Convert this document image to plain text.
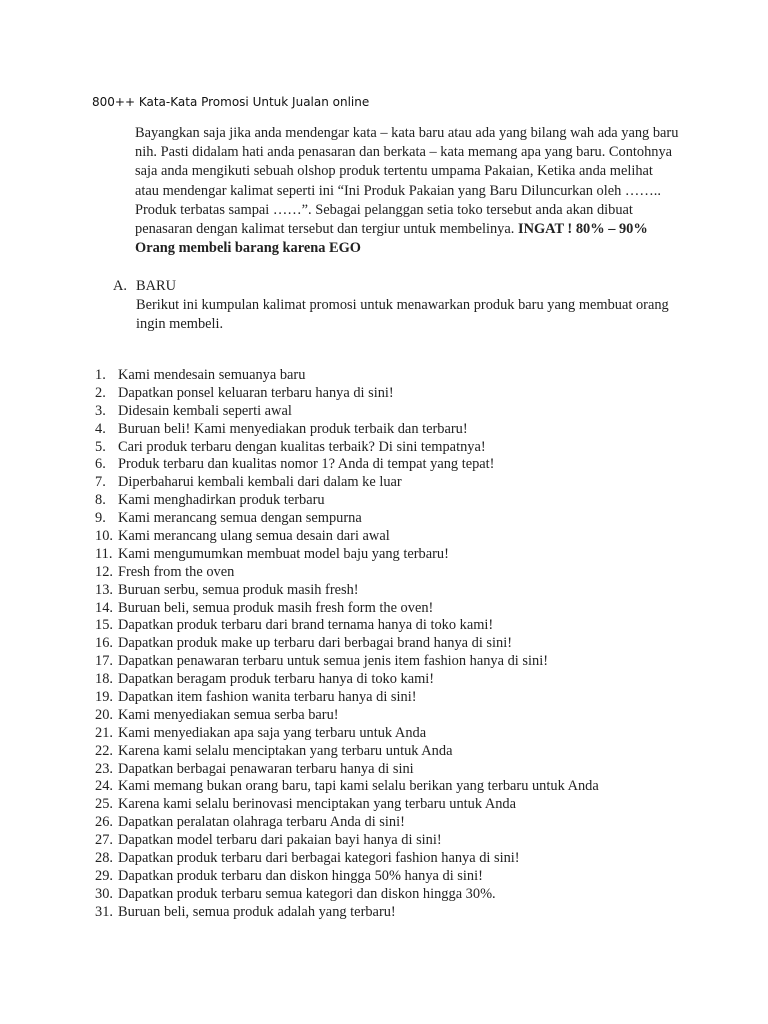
800++ Kata-Kata Promosi Untuk Jualan online
Bayangkan saja jika anda mendengar kata – kata baru atau ada yang bilang wah ada yang baru nih. Pasti didalam hati anda penasaran dan berkata – kata memang apa yang baru. Contohnya saja anda mengikuti sebuah olshop produk tertentu umpama Pakaian, Ketika anda melihat atau mendengar kalimat seperti ini “Ini Produk Pakaian yang Baru Diluncurkan oleh …….. Produk terbatas sampai ……”. Sebagai pelanggan setia toko tersebut anda akan dibuat penasaran dengan kalimat tersebut dan tergiur untuk membelinya. INGAT ! 80% – 90% Orang membeli barang karena EGO
A. BARU
Berikut ini kumpulan kalimat promosi untuk menawarkan produk baru yang membuat orang ingin membeli.
1. Kami mendesain semuanya baru
2. Dapatkan ponsel keluaran terbaru hanya di sini!
3. Didesain kembali seperti awal
4. Buruan beli! Kami menyediakan produk terbaik dan terbaru!
5. Cari produk terbaru dengan kualitas terbaik? Di sini tempatnya!
6. Produk terbaru dan kualitas nomor 1? Anda di tempat yang tepat!
7. Diperbaharui kembali kembali dari dalam ke luar
8. Kami menghadirkan produk terbaru
9. Kami merancang semua dengan sempurna
10. Kami merancang ulang semua desain dari awal
11. Kami mengumumkan membuat model baju yang terbaru!
12. Fresh from the oven
13. Buruan serbu, semua produk masih fresh!
14. Buruan beli, semua produk masih fresh form the oven!
15. Dapatkan produk terbaru dari brand ternama hanya di toko kami!
16. Dapatkan produk make up terbaru dari berbagai brand hanya di sini!
17. Dapatkan penawaran terbaru untuk semua jenis item fashion hanya di sini!
18. Dapatkan beragam produk terbaru hanya di toko kami!
19. Dapatkan item fashion wanita terbaru hanya di sini!
20. Kami menyediakan semua serba baru!
21. Kami menyediakan apa saja yang terbaru untuk Anda
22. Karena kami selalu menciptakan yang terbaru untuk Anda
23. Dapatkan berbagai penawaran terbaru hanya di sini
24. Kami memang bukan orang baru, tapi kami selalu berikan yang terbaru untuk Anda
25. Karena kami selalu berinovasi menciptakan yang terbaru untuk Anda
26. Dapatkan peralatan olahraga terbaru Anda di sini!
27. Dapatkan model terbaru dari pakaian bayi hanya di sini!
28. Dapatkan produk terbaru dari berbagai kategori fashion hanya di sini!
29. Dapatkan produk terbaru dan diskon hingga 50% hanya di sini!
30. Dapatkan produk terbaru semua kategori dan diskon hingga 30%.
31. Buruan beli, semua produk adalah yang terbaru!
